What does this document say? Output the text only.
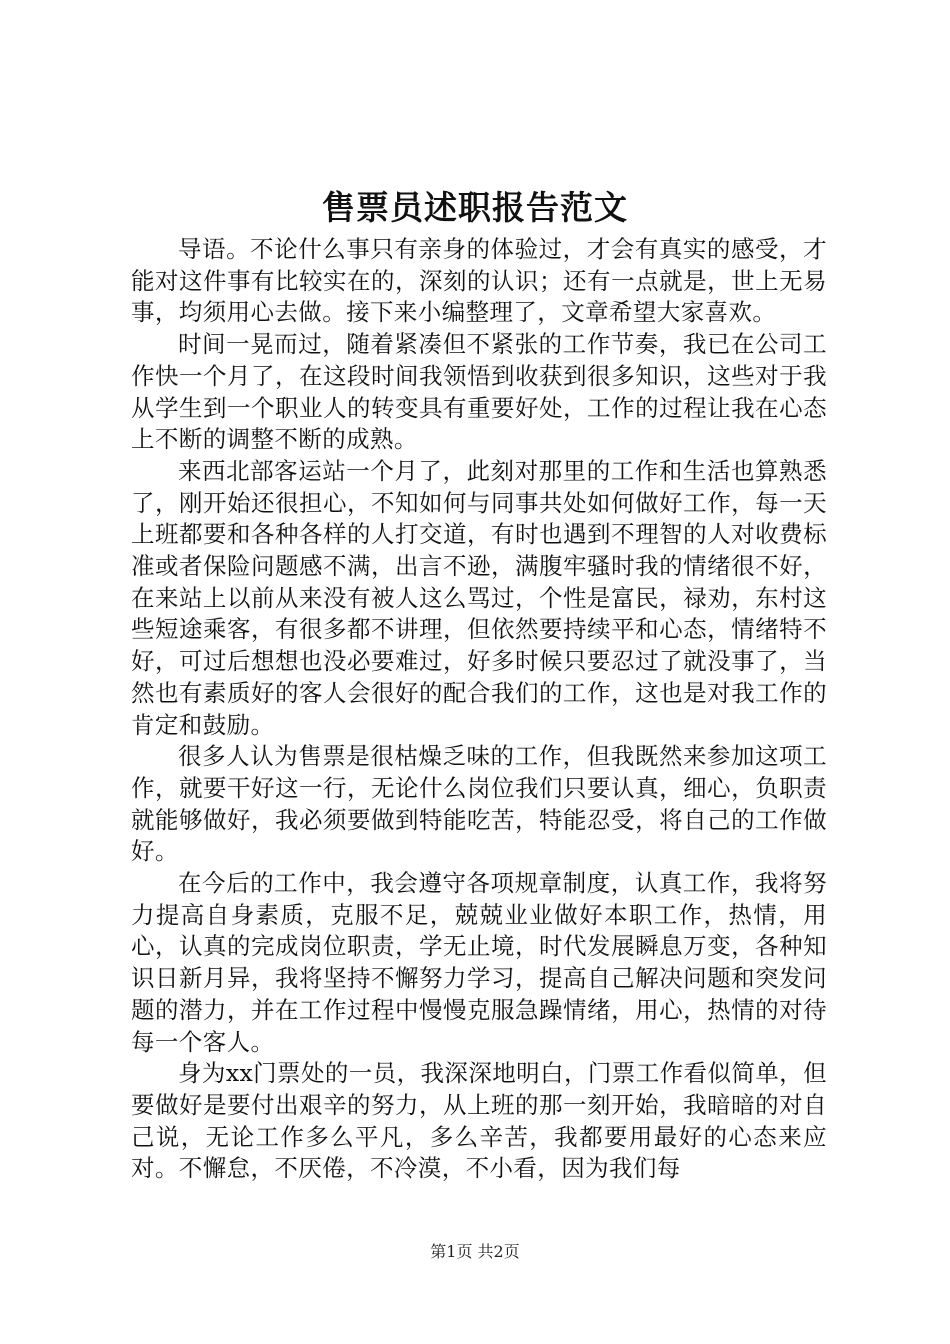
售票员述职报告范文

导语。不论什么事只有亲身的体验过，才会有真实的感受，才能对这件事有比较实在的，深刻的认识；还有一点就是，世上无易事，均须用心去做。接下来小编整理了，文章希望大家喜欢。

时间一晃而过，随着紧凑但不紧张的工作节奏，我已在公司工作快一个月了，在这段时间我领悟到收获到很多知识，这些对于我从学生到一个职业人的转变具有重要好处，工作的过程让我在心态上不断的调整不断的成熟。

来西北部客运站一个月了，此刻对那里的工作和生活也算熟悉了，刚开始还很担心，不知如何与同事共处如何做好工作，每一天上班都要和各种各样的人打交道，有时也遇到不理智的人对收费标准或者保险问题感不满，出言不逊，满腹牢骚时我的情绪很不好，在来站上以前从来没有被人这么骂过，个性是富民，禄劝，东村这些短途乘客，有很多都不讲理，但依然要持续平和心态，情绪特不好，可过后想想也没必要难过，好多时候只要忍过了就没事了，当然也有素质好的客人会很好的配合我们的工作，这也是对我工作的肯定和鼓励。

很多人认为售票是很枯燥乏味的工作，但我既然来参加这项工作，就要干好这一行，无论什么岗位我们只要认真，细心，负职责就能够做好，我必须要做到特能吃苦，特能忍受，将自己的工作做好。

在今后的工作中，我会遵守各项规章制度，认真工作，我将努力提高自身素质，克服不足，兢兢业业做好本职工作，热情，用心，认真的完成岗位职责，学无止境，时代发展瞬息万变，各种知识日新月异，我将坚持不懈努力学习，提高自己解决问题和突发问题的潜力，并在工作过程中慢慢克服急躁情绪，用心，热情的对待每一个客人。

身为xx门票处的一员，我深深地明白，门票工作看似简单，但要做好是要付出艰辛的努力，从上班的那一刻开始，我暗暗的对自己说，无论工作多么平凡，多么辛苦，我都要用最好的心态来应对。不懈怠，不厌倦，不冷漠，不小看，因为我们每

第1页 共2页
